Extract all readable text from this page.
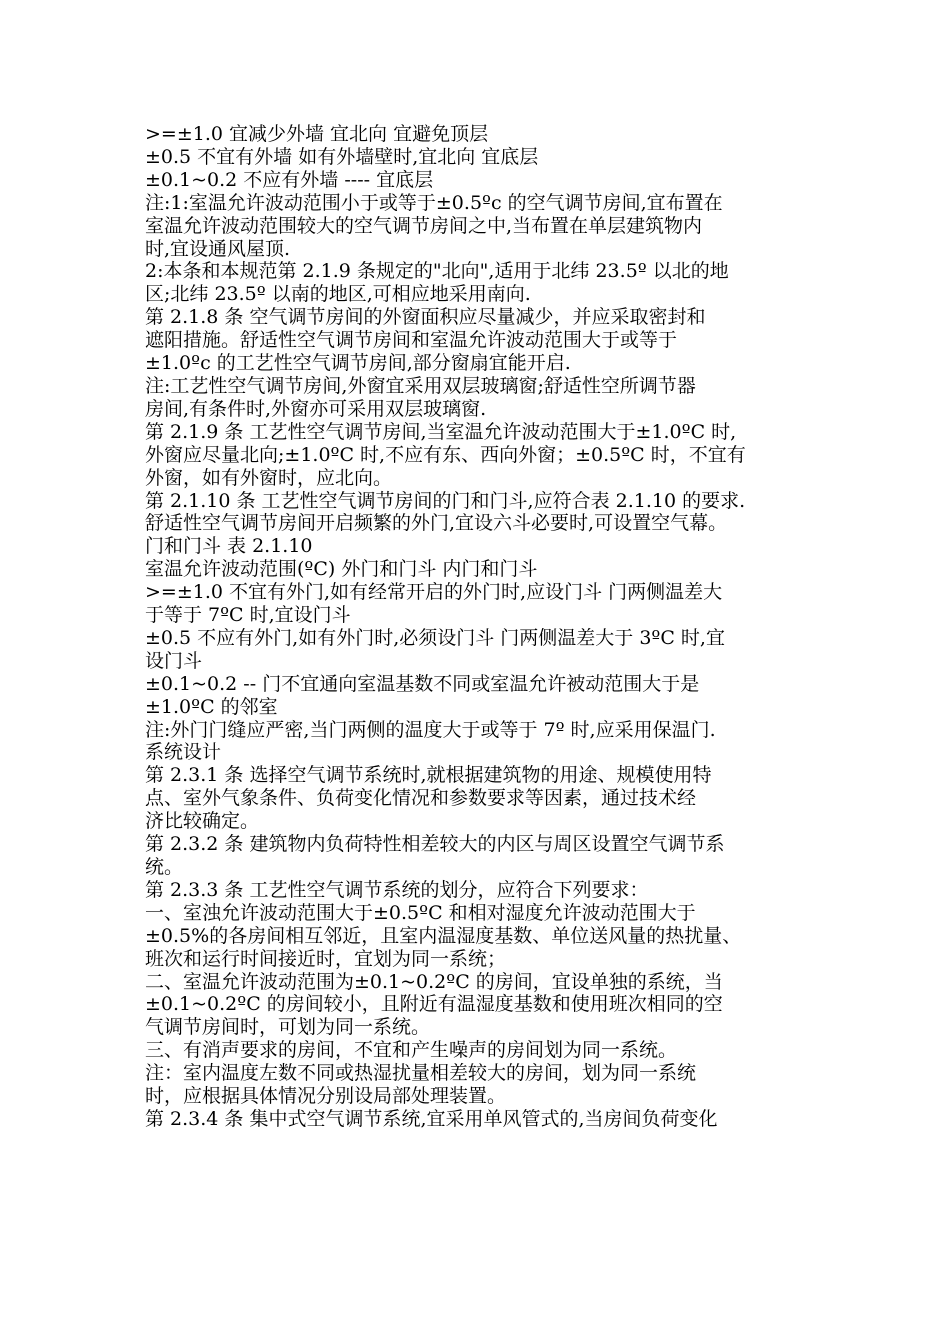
>=±1.0 宜减少外墙 宜北向 宜避免顶层

±0.5 不宜有外墙 如有外墙壁时,宜北向 宜底层

±0.1~0.2 不应有外墙 ---- 宜底层

注:1:室温允许波动范围小于或等于±0.5ºc 的空气调节房间,宜布置在

室温允许波动范围较大的空气调节房间之中,当布置在单层建筑物内

时,宜设通风屋顶.

2:本条和本规范第 2.1.9 条规定的"北向",适用于北纬 23.5º 以北的地

区;北纬 23.5º 以南的地区,可相应地采用南向.

第 2.1.8 条 空气调节房间的外窗面积应尽量减少，并应采取密封和

遮阳措施。舒适性空气调节房间和室温允许波动范围大于或等于

±1.0ºc 的工艺性空气调节房间,部分窗扇宜能开启.

注:工艺性空气调节房间,外窗宜采用双层玻璃窗;舒适性空所调节器

房间,有条件时,外窗亦可采用双层玻璃窗.

第 2.1.9 条 工艺性空气调节房间,当室温允许波动范围大于±1.0ºC 时,

外窗应尽量北向;±1.0ºC 时,不应有东、西向外窗；±0.5ºC 时，不宜有

外窗，如有外窗时，应北向。

第 2.1.10 条 工艺性空气调节房间的门和门斗,应符合表 2.1.10 的要求.

舒适性空气调节房间开启频繁的外门,宜设六斗必要时,可设置空气幕。

门和门斗 表 2.1.10

室温允许波动范围(ºC) 外门和门斗 内门和门斗

>=±1.0 不宜有外门,如有经常开启的外门时,应设门斗 门两侧温差大

于等于 7ºC 时,宜设门斗

±0.5 不应有外门,如有外门时,必须设门斗 门两侧温差大于 3ºC 时,宜

设门斗

±0.1~0.2 -- 门不宜通向室温基数不同或室温允许被动范围大于是

±1.0ºC 的邻室

注:外门门缝应严密,当门两侧的温度大于或等于 7º 时,应采用保温门.

系统设计

第 2.3.1 条 选择空气调节系统时,就根据建筑物的用途、规模使用特

点、室外气象条件、负荷变化情况和参数要求等因素，通过技术经

济比较确定。

第 2.3.2 条 建筑物内负荷特性相差较大的内区与周区设置空气调节系

统。

第 2.3.3 条 工艺性空气调节系统的划分，应符合下列要求：

一、室浊允许波动范围大于±0.5ºC 和相对湿度允许波动范围大于

±0.5%的各房间相互邻近，且室内温湿度基数、单位送风量的热扰量、

班次和运行时间接近时，宜划为同一系统；

二、室温允许波动范围为±0.1~0.2ºC 的房间，宜设单独的系统，当

±0.1~0.2ºC 的房间较小，且附近有温湿度基数和使用班次相同的空

气调节房间时，可划为同一系统。

三、有消声要求的房间，不宜和产生噪声的房间划为同一系统。

注：室内温度左数不同或热湿扰量相差较大的房间，划为同一系统

时，应根据具体情况分别设局部处理装置。

第 2.3.4 条 集中式空气调节系统,宜采用单风管式的,当房间负荷变化
